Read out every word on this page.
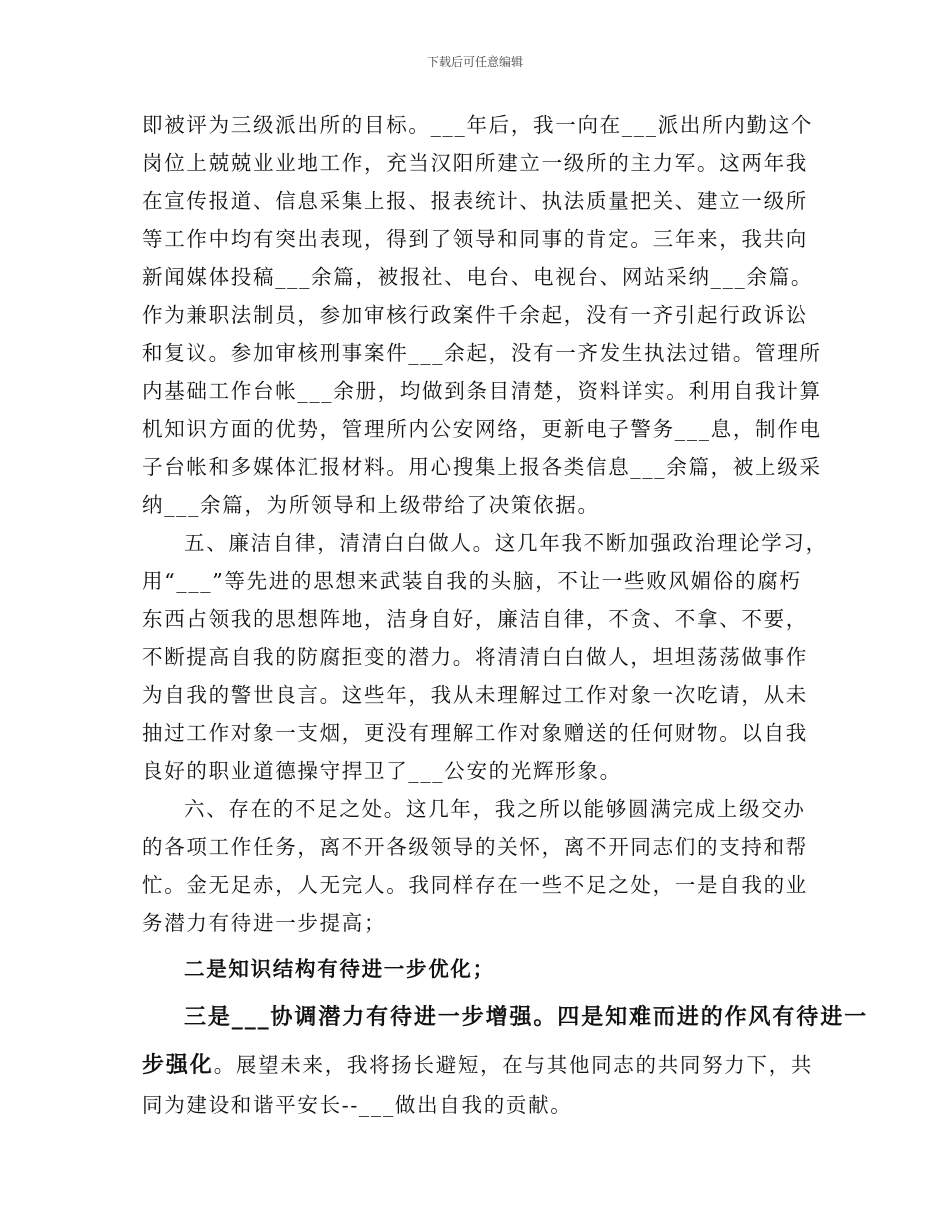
下载后可任意编辑
即被评为三级派出所的目标。___年后，我一向在___派出所内勤这个
岗位上兢兢业业地工作，充当汉阳所建立一级所的主力军。这两年我
在宣传报道、信息采集上报、报表统计、执法质量把关、建立一级所
等工作中均有突出表现，得到了领导和同事的肯定。三年来，我共向
新闻媒体投稿___余篇，被报社、电台、电视台、网站采纳___余篇。
作为兼职法制员，参加审核行政案件千余起，没有一齐引起行政诉讼
和复议。参加审核刑事案件___余起，没有一齐发生执法过错。管理所
内基础工作台帐___余册，均做到条目清楚，资料详实。利用自我计算
机知识方面的优势，管理所内公安网络，更新电子警务___息，制作电
子台帐和多媒体汇报材料。用心搜集上报各类信息___余篇，被上级采
纳___余篇，为所领导和上级带给了决策依据。
五、廉洁自律，清清白白做人。这几年我不断加强政治理论学习，
用“___”等先进的思想来武装自我的头脑，不让一些败风媚俗的腐朽
东西占领我的思想阵地，洁身自好，廉洁自律，不贪、不拿、不要，
不断提高自我的防腐拒变的潜力。将清清白白做人，坦坦荡荡做事作
为自我的警世良言。这些年，我从未理解过工作对象一次吃请，从未
抽过工作对象一支烟，更没有理解工作对象赠送的任何财物。以自我
良好的职业道德操守捍卫了___公安的光辉形象。
六、存在的不足之处。这几年，我之所以能够圆满完成上级交办
的各项工作任务，离不开各级领导的关怀，离不开同志们的支持和帮
忙。金无足赤，人无完人。我同样存在一些不足之处，一是自我的业
务潜力有待进一步提高；
二是知识结构有待进一步优化；
三是___协调潜力有待进一步增强。四是知难而进的作风有待进一
步强化。展望未来，我将扬长避短，在与其他同志的共同努力下，共
同为建设和谐平安长--___做出自我的贡献。
